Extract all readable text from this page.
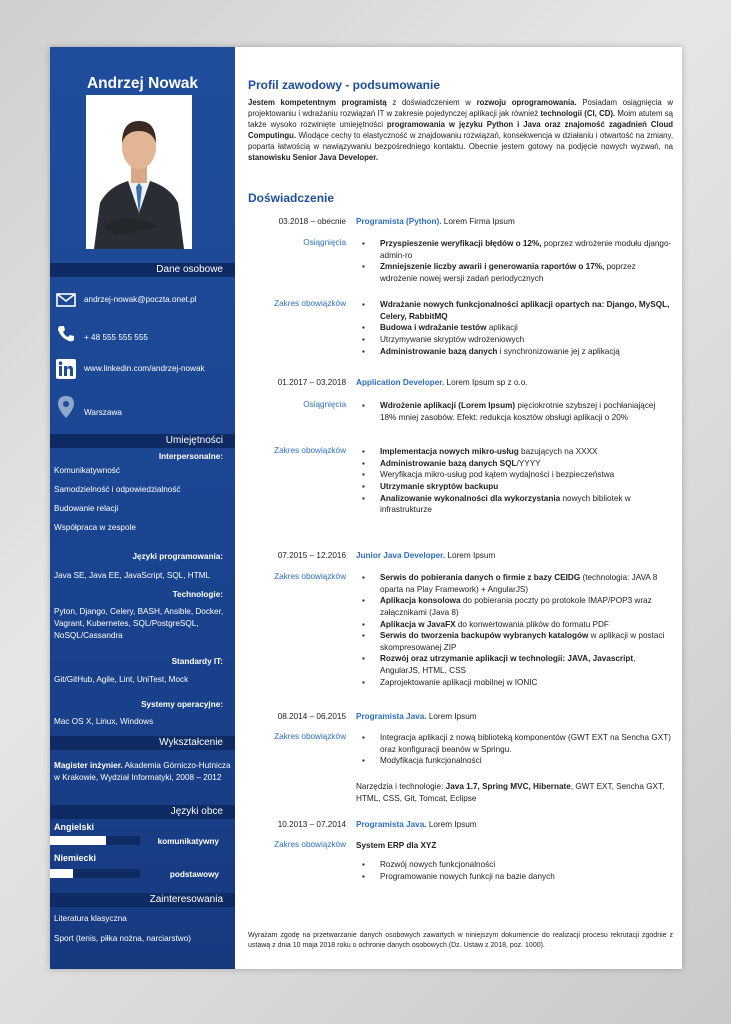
Andrzej Nowak
Dane osobowe
andrzej-nowak@poczta.onet.pl
+ 48 555 555 555
www.linkedin.com/andrzej-nowak
Warszawa
Umiejętności
Interpersonalne:
Komunikatywność
Samodzielność i odpowiedzialność
Budowanie relacji
Współpraca w zespole
Języki programowania:
Java SE, Java EE, JavaScript, SQL, HTML
Technologie:
Pyton, Django, Celery, BASH, Ansible, Docker, Vagrant, Kubernetes, SQL/PostgreSQL, NoSQL/Cassandra
Standardy IT:
Git/GitHub, Agile, Lint, UniTest, Mock
Systemy operacyjne:
Mac OS X, Linux, Windows
Wykształcenie
Magister inżynier. Akademia Górniczo-Hutnicza w Krakowie, Wydział Informatyki, 2008 – 2012
Języki obce
Angielski
komunikatywny
Niemiecki
podstawowy
Zainteresowania
Literatura klasyczna
Sport (tenis, piłka nożna, narciarstwo)
Profil zawodowy - podsumowanie
Jestem kompetentnym programistą z doświadczeniem w rozwoju oprogramowania. Posiadam osiągnięcia w projektowaniu i wdrażaniu rozwiązań IT w zakresie pojedynczej aplikacji jak również technologii (CI, CD). Moim atutem są także wysoko rozwinięte umiejętności programowania w języku Python i Java oraz znajomość zagadnień Cloud Computingu. Wiodące cechy to elastyczność w znajdowaniu rozwiązań, konsekwencja w działaniu i otwartość na zmiany, poparta łatwością w nawiązywaniu bezpośredniego kontaktu. Obecnie jestem gotowy na podjęcie nowych wyzwań, na stanowisku Senior Java Developer.
Doświadczenie
03.2018 – obecnie Programista (Python). Lorem Firma Ipsum
Osiągnięcia	▪ Przyspieszenie weryfikacji błędów o 12%, poprzez wdrożenie modułu django-admin-ro
▪ Zmniejszenie liczby awarii i generowania raportów o 17%, poprzez wdrożenie nowej wersji zadań periodycznych
Zakres obowiązków	▪ Wdrażanie nowych funkcjonalności aplikacji opartych na: Django, MySQL, Celery, RabbitMQ
▪ Budowa i wdrażanie testów aplikacji
▪ Utrzymywanie skryptów wdrożeniowych
▪ Administrowanie bazą danych i synchronizowanie jej z aplikacją
01.2017 – 03.2018 Application Developer. Lorem Ipsum sp z o.o.
Osiągnięcia	▪ Wdrożenie aplikacji (Lorem Ipsum) pięciokrotnie szybszej i pochłaniającej 18% mniej zasobów. Efekt: redukcja kosztów obsługi aplikacji o 20%
Zakres obowiązków	▪ Implementacja nowych mikro-usług bazujących na XXXX
▪ Administrowanie bazą danych SQL/YYYY
▪ Weryfikacja mikro-usług pod kątem wydajności i bezpieczeństwa
▪ Utrzymanie skryptów backupu
▪ Analizowanie wykonalności dla wykorzystania nowych bibliotek w infrastrukturze
07.2015 – 12.2016 Junior Java Developer. Lorem Ipsum
Zakres obowiązków	▪ Serwis do pobierania danych o firmie z bazy CEIDG (technologia: JAVA 8 oparta na Play Framework) + AngularJS)
▪ Aplikacja konsolowa do pobierania poczty po protokole IMAP/POP3 wraz załącznikami (Java 8)
▪ Aplikacja w JavaFX do konwertowania plików do formatu PDF
▪ Serwis do tworzenia backupów wybranych katalogów w aplikacji w postaci skompresowanej ZIP
▪ Rozwój oraz utrzymanie aplikacji w technologii: JAVA, Javascript, AngularJS, HTML, CSS
▪ Zaprojektowanie aplikacji mobilnej w IONIC
08.2014 – 06.2015 Programista Java. Lorem Ipsum
Zakres obowiązków	▪ Integracja aplikacji z nową biblioteką komponentów (GWT EXT na Sencha GXT) oraz konfiguracji beanów w Springu.
▪ Modyfikacja funkcjonalności
Narzędzia i technologie: Java 1.7, Spring MVC, Hibernate, GWT EXT, Sencha GXT, HTML, CSS, Git, Tomcat, Eclipse
10.2013 – 07.2014 Programista Java. Lorem Ipsum
Zakres obowiązków System ERP dla XYZ
▪ Rozwój nowych funkcjonalności
▪ Programowanie nowych funkcji na bazie danych
Wyrażam zgodę na przetwarzanie danych osobowych zawartych w niniejszym dokumencie do realizacji procesu rekrutacji zgodnie z ustawą z dnia 10 maja 2018 roku o ochronie danych osobowych (Dz. Ustaw z 2018, poz. 1000).
